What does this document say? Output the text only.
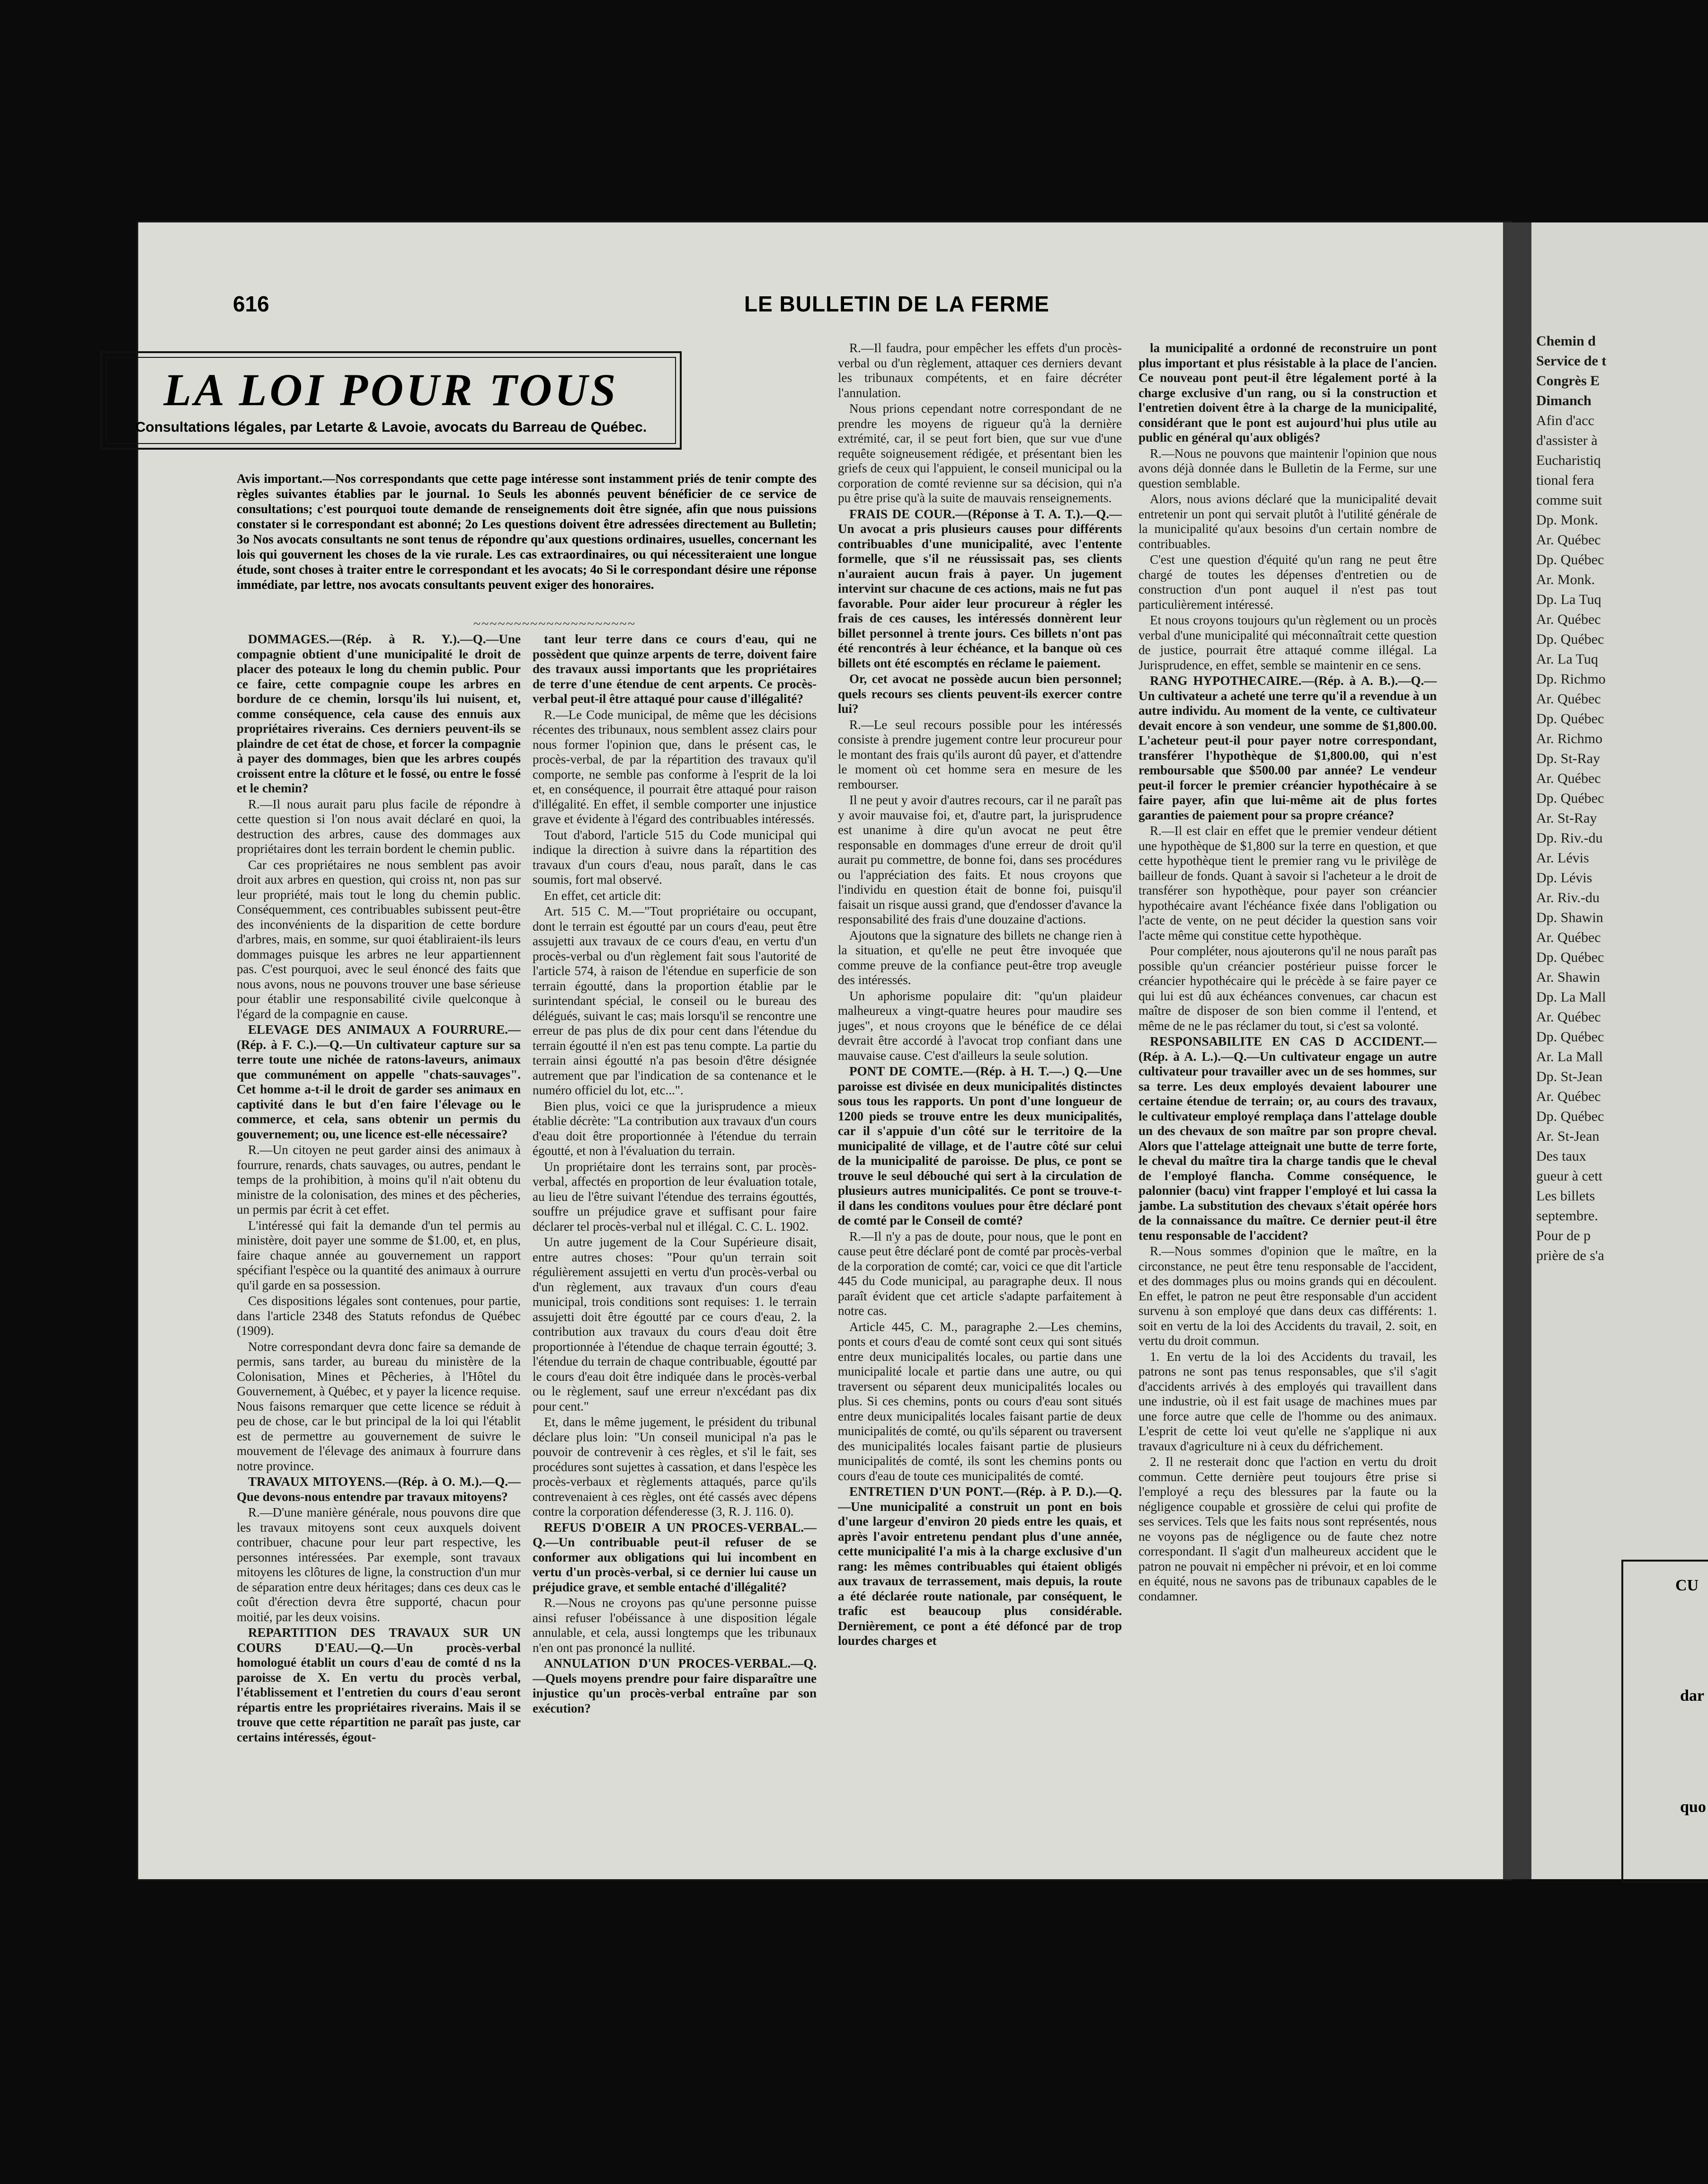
616	LE BULLETIN DE LA FERME
LA LOI POUR TOUS
Consultations légales, par Letarte & Lavoie, avocats du Barreau de Québec.
Avis important.—Nos correspondants que cette page intéresse sont instamment priés de tenir compte des règles suivantes établies par le journal. 1o Seuls les abonnés peuvent bénéficier de ce service de consultations; c'est pourquoi toute demande de renseignements doit être signée, afin que nous puissions constater si le correspondant est abonné; 2o Les questions doivent être adressées directement au Bulletin; 3o Nos avocats consultants ne sont tenus de répondre qu'aux questions ordinaires, usuelles, concernant les lois qui gouvernent les choses de la vie rurale. Les cas extraordinaires, ou qui nécessiteraient une longue étude, sont choses à traiter entre le correspondant et les avocats; 4o Si le correspondant désire une réponse immédiate, par lettre, nos avocats consultants peuvent exiger des honoraires.
~~~~~~~~~~~~~~~~~~~~

DOMMAGES.—(Rép. à R. Y.).—Q.—Une compagnie obtient d'une municipalité le droit de placer des poteaux le long du chemin public. Pour ce faire, cette compagnie coupe les arbres en bordure de ce chemin, lorsqu'ils lui nuisent, et, comme conséquence, cela cause des ennuis aux propriétaires riverains. Ces derniers peuvent-ils se plaindre de cet état de chose, et forcer la compagnie à payer des dommages, bien que les arbres coupés croissent entre la clôture et le fossé, ou entre le fossé et le chemin?

R.—Il nous aurait paru plus facile de répondre à cette question si l'on nous avait déclaré en quoi, la destruction des arbres, cause des dommages aux propriétaires dont les terrain bordent le chemin public.

Car ces propriétaires ne nous semblent pas avoir droit aux arbres en question, qui croiss nt, non pas sur leur propriété, mais tout le long du chemin public. Conséquemment, ces contribuables subissent peut-être des inconvénients de la disparition de cette bordure d'arbres, mais, en somme, sur quoi établiraient-ils leurs dommages puisque les arbres ne leur appartiennent pas. C'est pourquoi, avec le seul énoncé des faits que nous avons, nous ne pouvons trouver une base sérieuse pour établir une responsabilité civile quelconque à l'égard de la compagnie en cause.

ELEVAGE DES ANIMAUX A FOURRURE.—(Rép. à F. C.).—Q.—Un cultivateur capture sur sa terre toute une nichée de ratons-laveurs, animaux que communément on appelle "chats-sauvages". Cet homme a-t-il le droit de garder ses animaux en captivité dans le but d'en faire l'élevage ou le commerce, et cela, sans obtenir un permis du gouvernement; ou, une licence est-elle nécessaire?

R.—Un citoyen ne peut garder ainsi des animaux à fourrure, renards, chats sauvages, ou autres, pendant le temps de la prohibition, à moins qu'il n'ait obtenu du ministre de la colonisation, des mines et des pêcheries, un permis par écrit à cet effet.

L'intéressé qui fait la demande d'un tel permis au ministère, doit payer une somme de $1.00, et, en plus, faire chaque année au gouvernement un rapport spécifiant l'espèce ou la quantité des animaux à ourrure qu'il garde en sa possession.

Ces dispositions légales sont contenues, pour partie, dans l'article 2348 des Statuts refondus de Québec (1909).

Notre correspondant devra donc faire sa demande de permis, sans tarder, au bureau du ministère de la Colonisation, Mines et Pêcheries, à l'Hôtel du Gouvernement, à Québec, et y payer la licence requise. Nous faisons remarquer que cette licence se réduit à peu de chose, car le but principal de la loi qui l'établit est de permettre au gouvernement de suivre le mouvement de l'élevage des animaux à fourrure dans notre province.

TRAVAUX MITOYENS.—(Rép. à O. M.).—Q.—Que devons-nous entendre par travaux mitoyens?

R.—D'une manière générale, nous pouvons dire que les travaux mitoyens sont ceux auxquels doivent contribuer, chacune pour leur part respective, les personnes intéressées. Par exemple, sont travaux mitoyens les clôtures de ligne, la construction d'un mur de séparation entre deux héritages; dans ces deux cas le coût d'érection devra être supporté, chacun pour moitié, par les deux voisins.

REPARTITION DES TRAVAUX SUR UN COURS D'EAU.—Q.—Un procès-verbal homologué établit un cours d'eau de comté d ns la paroisse de X. En vertu du procès verbal, l'établissement et l'entretien du cours d'eau seront répartis entre les propriétaires riverains. Mais il se trouve que cette répartition ne paraît pas juste, car certains intéressés, égout-

tant leur terre dans ce cours d'eau, qui ne possèdent que quinze arpents de terre, doivent faire des travaux aussi importants que les propriétaires de terre d'une étendue de cent arpents. Ce procès-verbal peut-il être attaqué pour cause d'illégalité?

R.—Le Code municipal, de même que les décisions récentes des tribunaux, nous semblent assez clairs pour nous former l'opinion que, dans le présent cas, le procès-verbal, de par la répartition des travaux qu'il comporte, ne semble pas conforme à l'esprit de la loi et, en conséquence, il pourrait être attaqué pour raison d'illégalité. En effet, il semble comporter une injustice grave et évidente à l'égard des contribuables intéressés.

Tout d'abord, l'article 515 du Code municipal qui indique la direction à suivre dans la répartition des travaux d'un cours d'eau, nous paraît, dans le cas soumis, fort mal observé.

En effet, cet article dit:

Art. 515 C. M.—"Tout propriétaire ou occupant, dont le terrain est égoutté par un cours d'eau, peut être assujetti aux travaux de ce cours d'eau, en vertu d'un procès-verbal ou d'un règlement fait sous l'autorité de l'article 574, à raison de l'étendue en superficie de son terrain égoutté, dans la proportion établie par le surintendant spécial, le conseil ou le bureau des délégués, suivant le cas; mais lorsqu'il se rencontre une erreur de pas plus de dix pour cent dans l'étendue du terrain égoutté il n'en est pas tenu compte. La partie du terrain ainsi égoutté n'a pas besoin d'être désignée autrement que par l'indication de sa contenance et le numéro officiel du lot, etc...".

Bien plus, voici ce que la jurisprudence a mieux établie décrète: "La contribution aux travaux d'un cours d'eau doit être proportionnée à l'étendue du terrain égoutté, et non à l'évaluation du terrain.

Un propriétaire dont les terrains sont, par procès-verbal, affectés en proportion de leur évaluation totale, au lieu de l'être suivant l'étendue des terrains égouttés, souffre un préjudice grave et suffisant pour faire déclarer tel procès-verbal nul et illégal. C. C. L. 1902.

Un autre jugement de la Cour Supérieure disait, entre autres choses: "Pour qu'un terrain soit régulièrement assujetti en vertu d'un procès-verbal ou d'un règlement, aux travaux d'un cours d'eau municipal, trois conditions sont requises: 1. le terrain assujetti doit être égoutté par ce cours d'eau, 2. la contribution aux travaux du cours d'eau doit être proportionnée à l'étendue de chaque terrain égoutté; 3. l'étendue du terrain de chaque contribuable, égoutté par le cours d'eau doit être indiquée dans le procès-verbal ou le règlement, sauf une erreur n'excédant pas dix pour cent."

Et, dans le même jugement, le président du tribunal déclare plus loin: "Un conseil municipal n'a pas le pouvoir de contrevenir à ces règles, et s'il le fait, ses procédures sont sujettes à cassation, et dans l'espèce les procès-verbaux et règlements attaqués, parce qu'ils contrevenaient à ces règles, ont été cassés avec dépens contre la corporation défenderesse (3, R. J. 116. 0).

REFUS D'OBEIR A UN PROCES-VERBAL.—Q.—Un contribuable peut-il refuser de se conformer aux obligations qui lui incombent en vertu d'un procès-verbal, si ce dernier lui cause un préjudice grave, et semble entaché d'illégalité?

R.—Nous ne croyons pas qu'une personne puisse ainsi refuser l'obéissance à une disposition légale annulable, et cela, aussi longtemps que les tribunaux n'en ont pas prononcé la nullité.

ANNULATION D'UN PROCES-VERBAL.—Q.—Quels moyens prendre pour faire disparaître une injustice qu'un procès-verbal entraîne par son exécution?

R.—Il faudra, pour empêcher les effets d'un procès-verbal ou d'un règlement, attaquer ces derniers devant les tribunaux compétents, et en faire décréter l'annulation.

Nous prions cependant notre correspondant de ne prendre les moyens de rigueur qu'à la dernière extrémité, car, il se peut fort bien, que sur vue d'une requête soigneusement rédigée, et présentant bien les griefs de ceux qui l'appuient, le conseil municipal ou la corporation de comté revienne sur sa décision, qui n'a pu être prise qu'à la suite de mauvais renseignements.

FRAIS DE COUR.—(Réponse à T. A. T.).—Q.—Un avocat a pris plusieurs causes pour différents contribuables d'une municipalité, avec l'entente formelle, que s'il ne réussissait pas, ses clients n'auraient aucun frais à payer. Un jugement intervint sur chacune de ces actions, mais ne fut pas favorable. Pour aider leur procureur à régler les frais de ces causes, les intéressés donnèrent leur billet personnel à trente jours. Ces billets n'ont pas été rencontrés à leur échéance, et la banque où ces billets ont été escomptés en réclame le paiement.

Or, cet avocat ne possède aucun bien personnel; quels recours ses clients peuvent-ils exercer contre lui?

R.—Le seul recours possible pour les intéressés consiste à prendre jugement contre leur procureur pour le montant des frais qu'ils auront dû payer, et d'attendre le moment où cet homme sera en mesure de les rembourser.

Il ne peut y avoir d'autres recours, car il ne paraît pas y avoir mauvaise foi, et, d'autre part, la jurisprudence est unanime à dire qu'un avocat ne peut être responsable en dommages d'une erreur de droit qu'il aurait pu commettre, de bonne foi, dans ses procédures ou l'appréciation des faits. Et nous croyons que l'individu en question était de bonne foi, puisqu'il faisait un risque aussi grand, que d'endosser d'avance la responsabilité des frais d'une douzaine d'actions.

Ajoutons que la signature des billets ne change rien à la situation, et qu'elle ne peut être invoquée que comme preuve de la confiance peut-être trop aveugle des intéressés.

Un aphorisme populaire dit: "qu'un plaideur malheureux a vingt-quatre heures pour maudire ses juges", et nous croyons que le bénéfice de ce délai devrait être accordé à l'avocat trop confiant dans une mauvaise cause. C'est d'ailleurs la seule solution.

PONT DE COMTE.—(Rép. à H. T.—.) Q.—Une paroisse est divisée en deux municipalités distinctes sous tous les rapports. Un pont d'une longueur de 1200 pieds se trouve entre les deux municipalités, car il s'appuie d'un côté sur le territoire de la municipalité de village, et de l'autre côté sur celui de la municipalité de paroisse. De plus, ce pont se trouve le seul débouché qui sert à la circulation de plusieurs autres municipalités. Ce pont se trouve-t-il dans les conditons voulues pour être déclaré pont de comté par le Conseil de comté?

R.—Il n'y a pas de doute, pour nous, que le pont en cause peut être déclaré pont de comté par procès-verbal de la corporation de comté; car, voici ce que dit l'article 445 du Code municipal, au paragraphe deux. Il nous paraît évident que cet article s'adapte parfaitement à notre cas.

Article 445, C. M., paragraphe 2.—Les chemins, ponts et cours d'eau de comté sont ceux qui sont situés entre deux municipalités locales, ou partie dans une municipalité locale et partie dans une autre, ou qui traversent ou séparent deux municipalités locales ou plus. Si ces chemins, ponts ou cours d'eau sont situés entre deux municipalités locales faisant partie de deux municipalités de comté, ou qu'ils séparent ou traversent des municipalités locales faisant partie de plusieurs municipalités de comté, ils sont les chemins ponts ou cours d'eau de toute ces municipalités de comté.

ENTRETIEN D'UN PONT.—(Rép. à P. D.).—Q.—Une municipalité a construit un pont en bois d'une largeur d'environ 20 pieds entre les quais, et après l'avoir entretenu pendant plus d'une année, cette municipalité l'a mis à la charge exclusive d'un rang: les mêmes contribuables qui étaient obligés aux travaux de terrassement, mais depuis, la route a été déclarée route nationale, par conséquent, le trafic est beaucoup plus considérable. Dernièrement, ce pont a été défoncé par de trop lourdes charges et

la municipalité a ordonné de reconstruire un pont plus important et plus résistable à la place de l'ancien. Ce nouveau pont peut-il être légalement porté à la charge exclusive d'un rang, ou si la construction et l'entretien doivent être à la charge de la municipalité, considérant que le pont est aujourd'hui plus utile au public en général qu'aux obligés?

R.—Nous ne pouvons que maintenir l'opinion que nous avons déjà donnée dans le Bulletin de la Ferme, sur une question semblable.

Alors, nous avions déclaré que la municipalité devait entretenir un pont qui servait plutôt à l'utilité générale de la municipalité qu'aux besoins d'un certain nombre de contribuables.

C'est une question d'équité qu'un rang ne peut être chargé de toutes les dépenses d'entretien ou de construction d'un pont auquel il n'est pas tout particulièrement intéressé.

Et nous croyons toujours qu'un règlement ou un procès verbal d'une municipalité qui méconnaîtrait cette question de justice, pourrait être attaqué comme illégal. La Jurisprudence, en effet, semble se maintenir en ce sens.

RANG HYPOTHECAIRE.—(Rép. à A. B.).—Q.—Un cultivateur a acheté une terre qu'il a revendue à un autre individu. Au moment de la vente, ce cultivateur devait encore à son vendeur, une somme de $1,800.00. L'acheteur peut-il pour payer notre correspondant, transférer l'hypothèque de $1,800.00, qui n'est remboursable que $500.00 par année? Le vendeur peut-il forcer le premier créancier hypothécaire à se faire payer, afin que lui-même ait de plus fortes garanties de paiement pour sa propre créance?

R.—Il est clair en effet que le premier vendeur détient une hypothèque de $1,800 sur la terre en question, et que cette hypothèque tient le premier rang vu le privilège de bailleur de fonds. Quant à savoir si l'acheteur a le droit de transférer son hypothèque, pour payer son créancier hypothécaire avant l'échéance fixée dans l'obligation ou l'acte de vente, on ne peut décider la question sans voir l'acte même qui constitue cette hypothèque.

Pour compléter, nous ajouterons qu'il ne nous paraît pas possible qu'un créancier postérieur puisse forcer le créancier hypothécaire qui le précède à se faire payer ce qui lui est dû aux échéances convenues, car chacun est maître de disposer de son bien comme il l'entend, et même de ne le pas réclamer du tout, si c'est sa volonté.

RESPONSABILITE EN CAS D ACCIDENT.—(Rép. à A. L.).—Q.—Un cultivateur engage un autre cultivateur pour travailler avec un de ses hommes, sur sa terre. Les deux employés devaient labourer une certaine étendue de terrain; or, au cours des travaux, le cultivateur employé remplaça dans l'attelage double un des chevaux de son maître par son propre cheval. Alors que l'attelage atteignait une butte de terre forte, le cheval du maître tira la charge tandis que le cheval de l'employé flancha. Comme conséquence, le palonnier (bacu) vint frapper l'employé et lui cassa la jambe. La substitution des chevaux s'était opérée hors de la connaissance du maître. Ce dernier peut-il être tenu responsable de l'accident?

R.—Nous sommes d'opinion que le maître, en la circonstance, ne peut être tenu responsable de l'accident, et des dommages plus ou moins grands qui en découlent. En effet, le patron ne peut être responsable d'un accident survenu à son employé que dans deux cas différents: 1. soit en vertu de la loi des Accidents du travail, 2. soit, en vertu du droit commun.

1. En vertu de la loi des Accidents du travail, les patrons ne sont pas tenus responsables, que s'il s'agit d'accidents arrivés à des employés qui travaillent dans une industrie, où il est fait usage de machines mues par une force autre que celle de l'homme ou des animaux. L'esprit de cette loi veut qu'elle ne s'applique ni aux travaux d'agriculture ni à ceux du défrichement.

2. Il ne resterait donc que l'action en vertu du droit commun. Cette dernière peut toujours être prise si l'employé a reçu des blessures par la faute ou la négligence coupable et grossière de celui qui profite de ses services. Tels que les faits nous sont représentés, nous ne voyons pas de négligence ou de faute chez notre correspondant. Il s'agit d'un malheureux accident que le patron ne pouvait ni empêcher ni prévoir, et en loi comme en équité, nous ne savons pas de tribunaux capables de le condamner.

Chemin d
Service de t
Congrès E
Dimanch
Afin d'acc
d'assister à
Eucharistiq
tional fera
comme suit
Dp. Monk.
Ar. Québec
Dp. Québec
Ar. Monk.
Dp. La Tuq
Ar. Québec
Dp. Québec
Ar. La Tuq
Dp. Richmo
Ar. Québec
Dp. Québec
Ar. Richmo
Dp. St-Ray
Ar. Québec
Dp. Québec
Ar. St-Ray
Dp. Riv.-du
Ar. Lévis
Dp. Lévis
Ar. Riv.-du
Dp. Shawin
Ar. Québec
Dp. Québec
Ar. Shawin
Dp. La Mall
Ar. Québec
Dp. Québec
Ar. La Mall
Dp. St-Jean
Ar. Québec
Dp. Québec
Ar. St-Jean
Des taux
gueur à cett
Les billets
septembre.
Pour de p
prière de s'a
CU
dar
quo
